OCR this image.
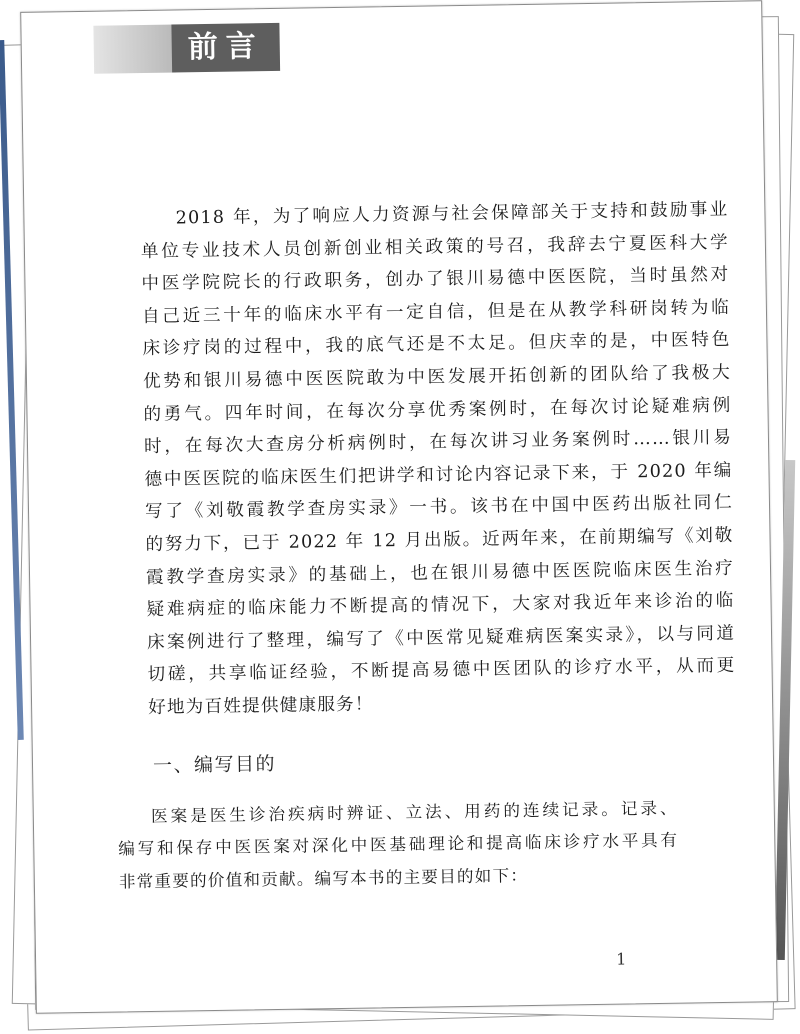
前言

2018 年，为了响应人力资源与社会保障部关于支持和鼓励事业

单位专业技术人员创新创业相关政策的号召，我辞去宁夏医科大学

中医学院院长的行政职务，创办了银川易德中医医院，当时虽然对

自己近三十年的临床水平有一定自信，但是在从教学科研岗转为临

床诊疗岗的过程中，我的底气还是不太足。但庆幸的是，中医特色

优势和银川易德中医医院敢为中医发展开拓创新的团队给了我极大

的勇气。四年时间，在每次分享优秀案例时，在每次讨论疑难病例

时，在每次大查房分析病例时，在每次讲习业务案例时……银川易

德中医医院的临床医生们把讲学和讨论内容记录下来，于 2020 年编

写了《刘敬霞教学查房实录》一书。该书在中国中医药出版社同仁

的努力下，已于 2022 年 12 月出版。近两年来，在前期编写《刘敬

霞教学查房实录》的基础上，也在银川易德中医医院临床医生治疗

疑难病症的临床能力不断提高的情况下，大家对我近年来诊治的临

床案例进行了整理，编写了《中医常见疑难病医案实录》，以与同道

切磋，共享临证经验，不断提高易德中医团队的诊疗水平，从而更

好地为百姓提供健康服务！

一、编写目的

医案是医生诊治疾病时辨证、立法、用药的连续记录。记录、

编写和保存中医医案对深化中医基础理论和提高临床诊疗水平具有

非常重要的价值和贡献。编写本书的主要目的如下：

1
